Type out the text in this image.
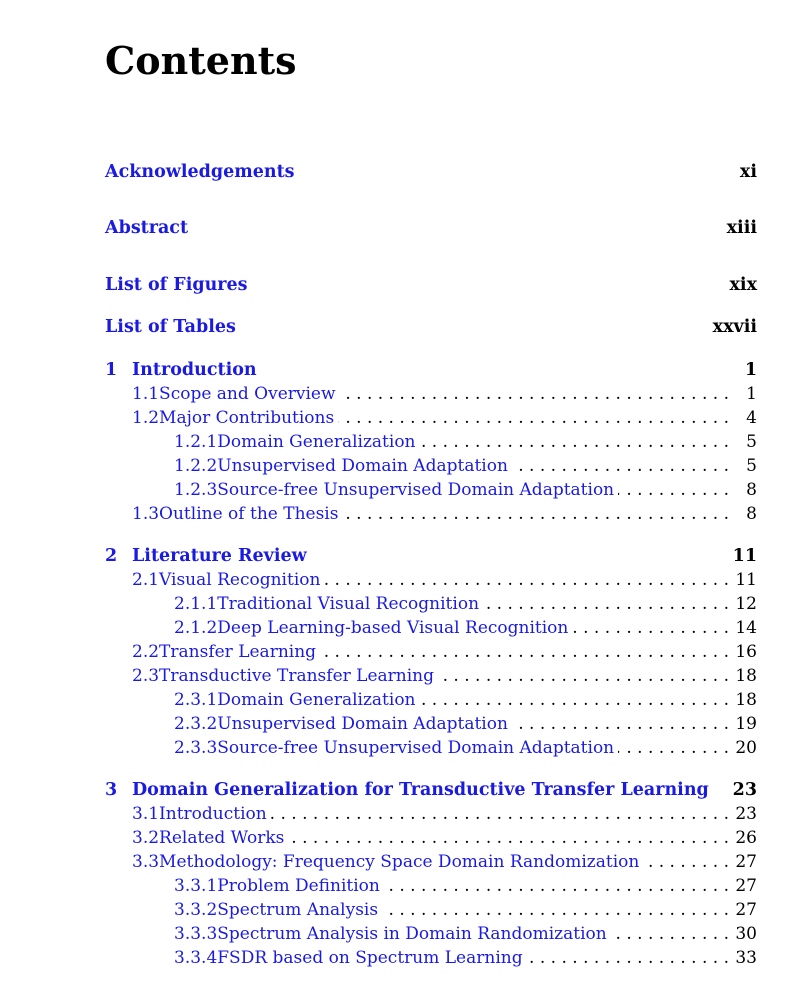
Contents
Acknowledgements	xi
Abstract	xiii
List of Figures	xix
List of Tables	xxvii
1 Introduction	1
1.1 Scope and Overview . . .	1
1.2 Major Contributions . . .	4
1.2.1 Domain Generalization . . .	5
1.2.2 Unsupervised Domain Adaptation . . .	5
1.2.3 Source-free Unsupervised Domain Adaptation . . .	8
1.3 Outline of the Thesis . . .	8
2 Literature Review	11
2.1 Visual Recognition . . .	11
2.1.1 Traditional Visual Recognition . . .	12
2.1.2 Deep Learning-based Visual Recognition . . .	14
2.2 Transfer Learning . . .	16
2.3 Transductive Transfer Learning . . .	18
2.3.1 Domain Generalization . . .	18
2.3.2 Unsupervised Domain Adaptation . . .	19
2.3.3 Source-free Unsupervised Domain Adaptation . . .	20
3 Domain Generalization for Transductive Transfer Learning 23
3.1 Introduction . . .	23
3.2 Related Works . . .	26
3.3 Methodology: Frequency Space Domain Randomization . . .	27
3.3.1 Problem Definition . . .	27
3.3.2 Spectrum Analysis . . .	27
3.3.3 Spectrum Analysis in Domain Randomization . . .	30
3.3.4 FSDR based on Spectrum Learning . . .	33
